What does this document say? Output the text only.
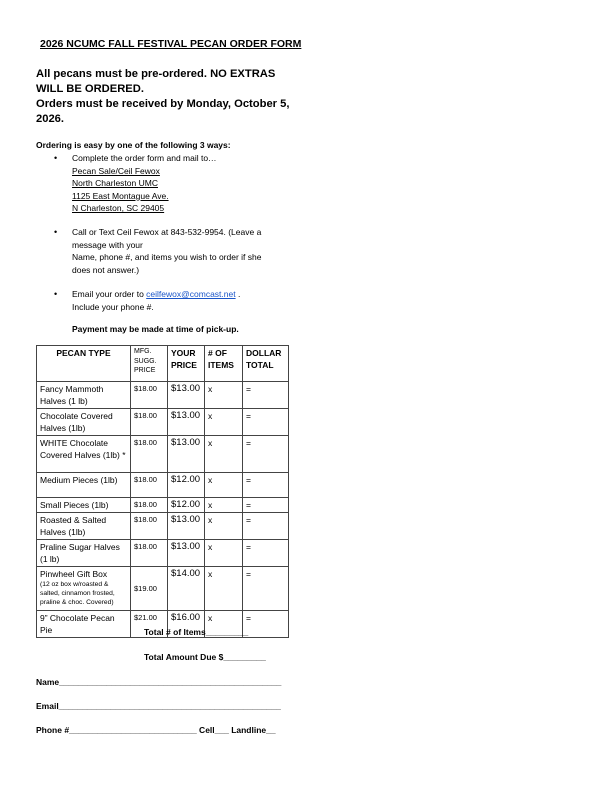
2026 NCUMC FALL FESTIVAL PECAN ORDER FORM
All pecans must be pre-ordered. NO EXTRAS WILL BE ORDERED.
Orders must be received by Monday, October 5, 2026.
Ordering is easy by one of the following 3 ways:
• Complete the order form and mail to…
Pecan Sale/Ceil Fewox
North Charleston UMC
1125 East Montague Ave.
N Charleston, SC 29405
• Call or Text Ceil Fewox at 843-532-9954. (Leave a
message with your
Name, phone #, and items you wish to order if she
does not answer.)
• Email your order to ceilfewox@comcast.net .
Include your phone #.
Payment may be made at time of pick-up.
PECAN TYPE	MFG. SUGG. PRICE	YOUR PRICE	# OF ITEMS	DOLLAR TOTAL
Fancy Mammoth Halves (1 lb)	$18.00	$13.00	x	=
Chocolate Covered Halves (1lb)	$18.00	$13.00	x	=
WHITE Chocolate Covered Halves (1lb) *	$18.00	$13.00	x	=
Medium Pieces (1lb)	$18.00	$12.00	x	=
Small Pieces (1lb)	$18.00	$12.00	x	=
Roasted & Salted Halves (1lb)	$18.00	$13.00	x	=
Praline Sugar Halves (1 lb)	$18.00	$13.00	x	=
Pinwheel Gift Box
(12 oz box w/roasted & salted, cinnamon frosted, praline & choc. Covered)	$19.00	$14.00	x	=
9” Chocolate Pecan Pie	$21.00	$16.00	x	=
Total # of Items_________
Total Amount Due $_________
Name_______________________________________________
Email_______________________________________________
Phone #___________________________ Cell___ Landline__
